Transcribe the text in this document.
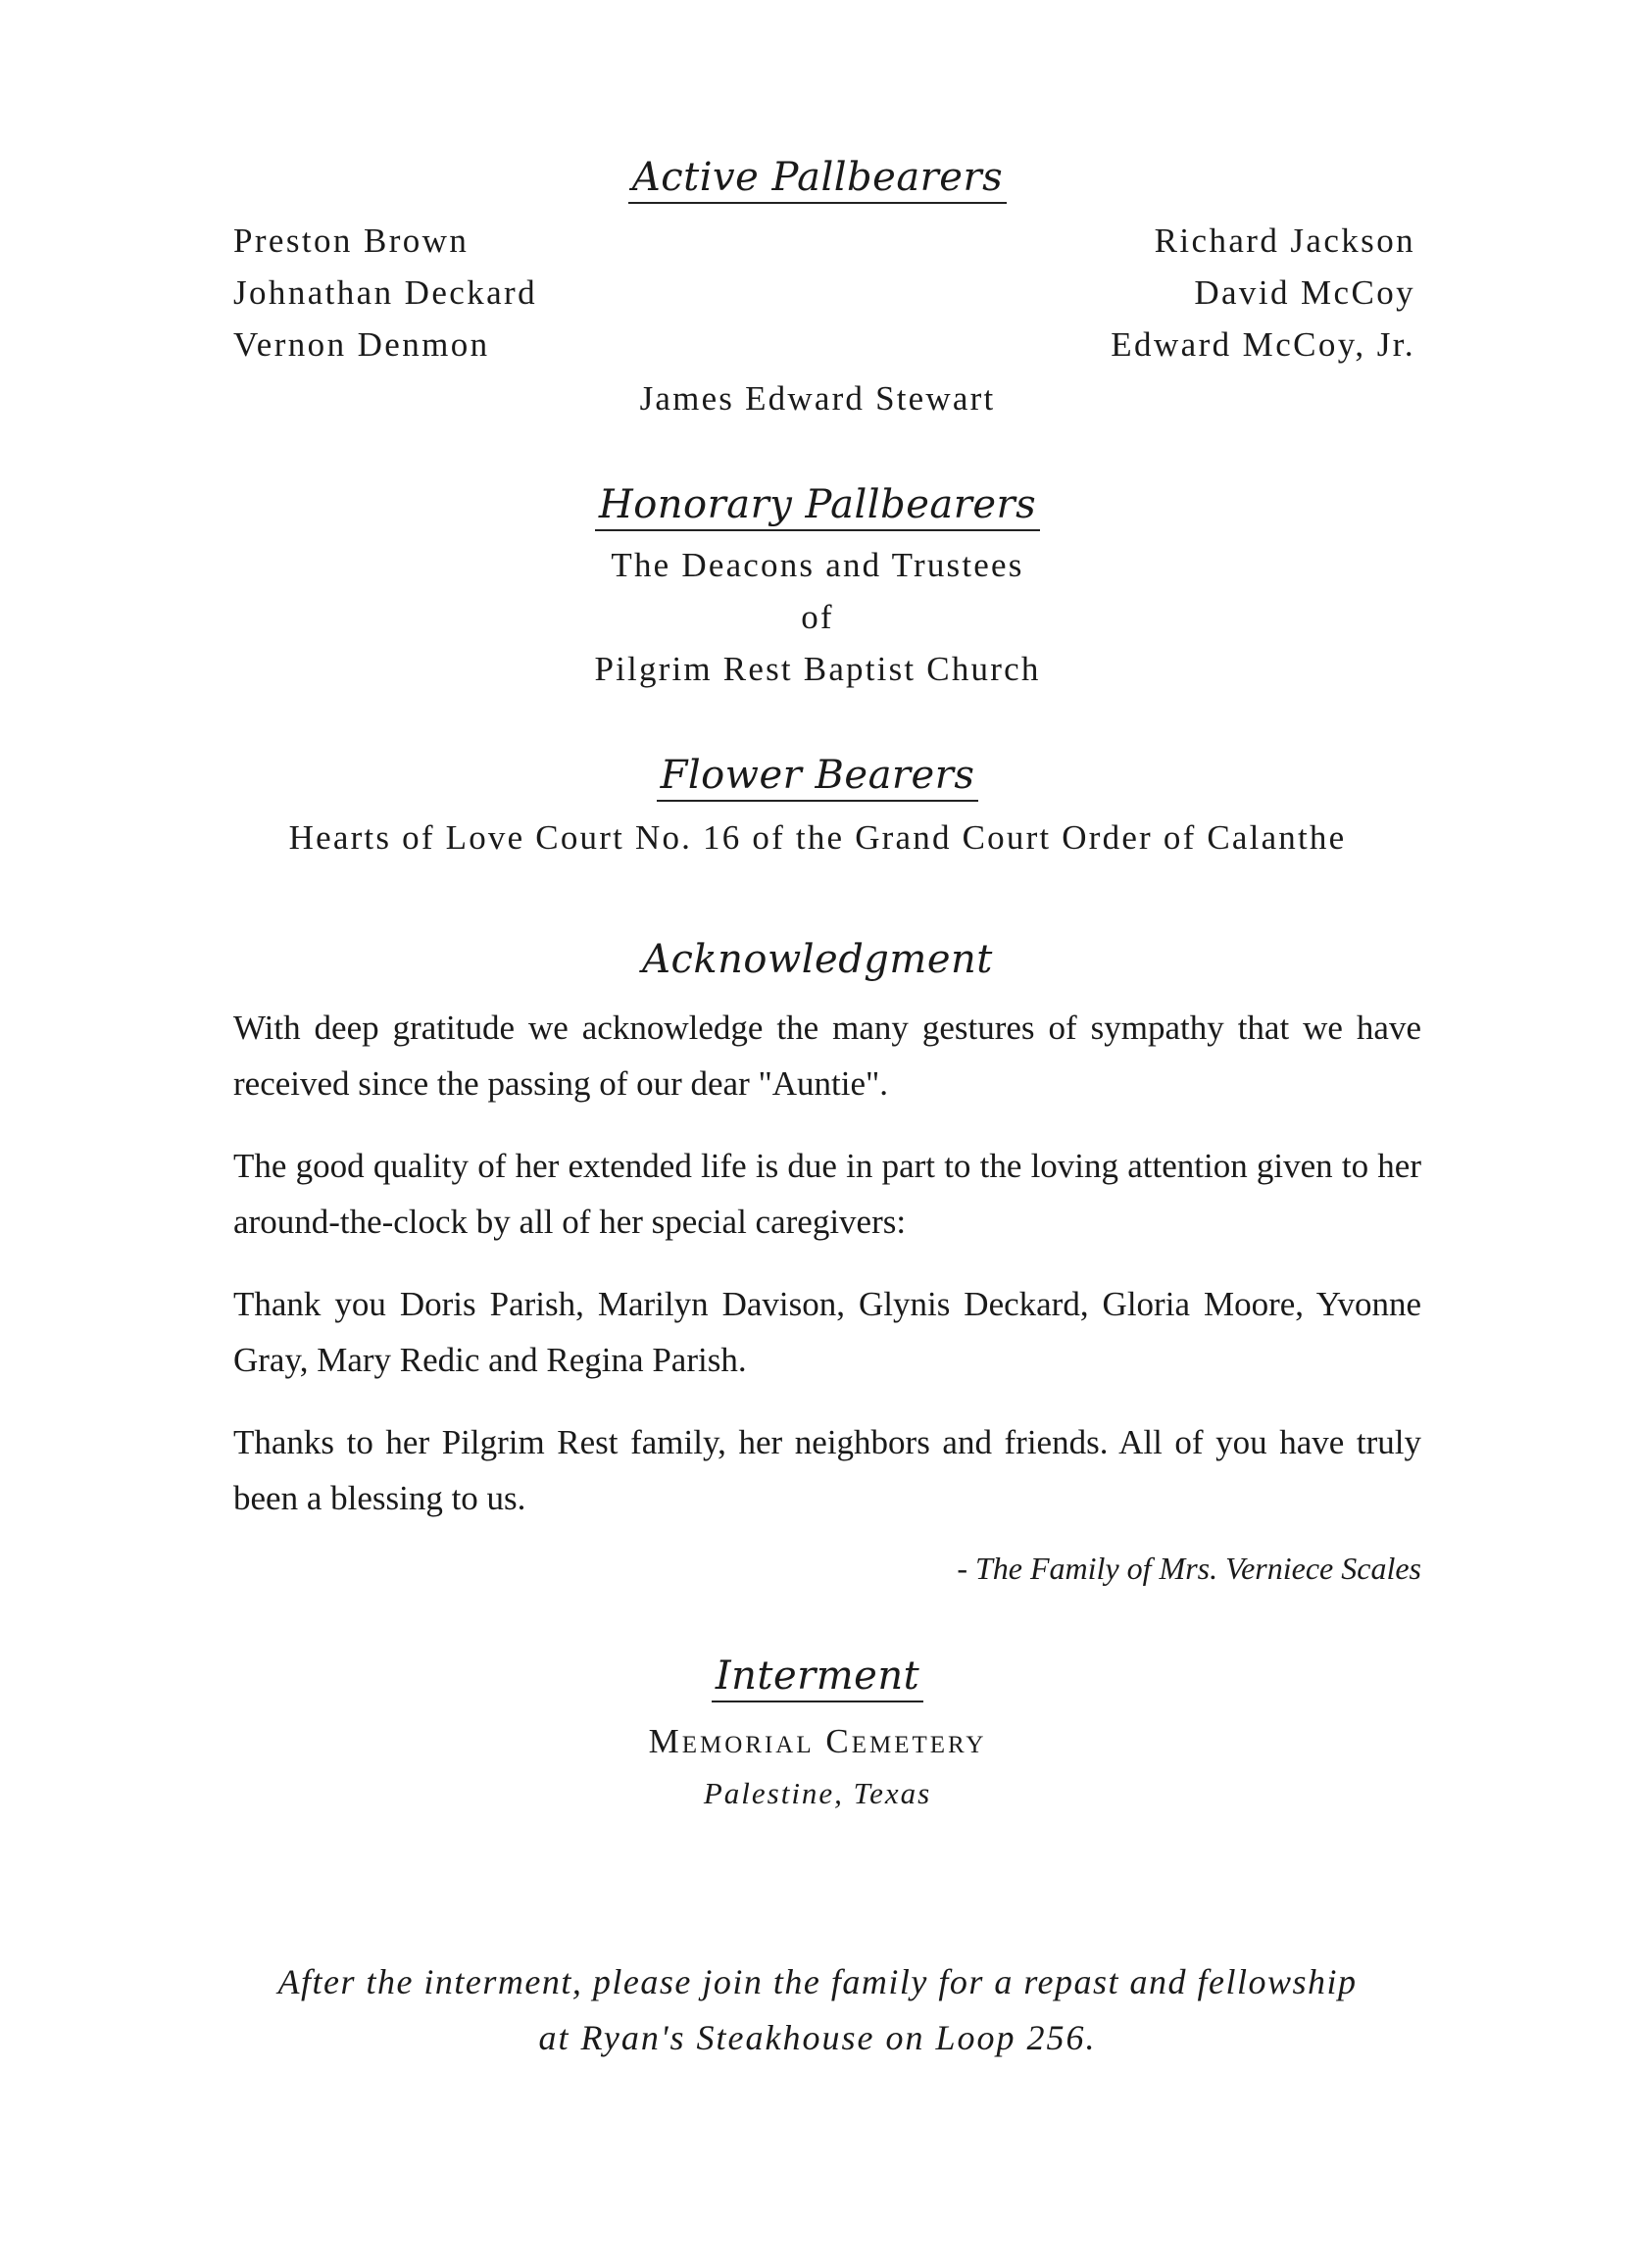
Active Pallbearers
Preston Brown
Johnathan Deckard
Vernon Denmon
Richard Jackson
David McCoy
Edward McCoy, Jr.
James Edward Stewart
Honorary Pallbearers
The Deacons and Trustees
of
Pilgrim Rest Baptist Church
Flower Bearers
Hearts of Love Court No. 16 of the Grand Court Order of Calanthe
Acknowledgment
With deep gratitude we acknowledge the many gestures of sympathy that we have received since the passing of our dear "Auntie".
The good quality of her extended life is due in part to the loving attention given to her around-the-clock by all of her special caregivers:
Thank you Doris Parish, Marilyn Davison, Glynis Deckard, Gloria Moore, Yvonne Gray, Mary Redic and Regina Parish.
Thanks to her Pilgrim Rest family, her neighbors and friends. All of you have truly been a blessing to us.
- The Family of Mrs. Verniece Scales
Interment
Memorial Cemetery
Palestine, Texas
After the interment, please join the family for a repast and fellowship
at Ryan's Steakhouse on Loop 256.
